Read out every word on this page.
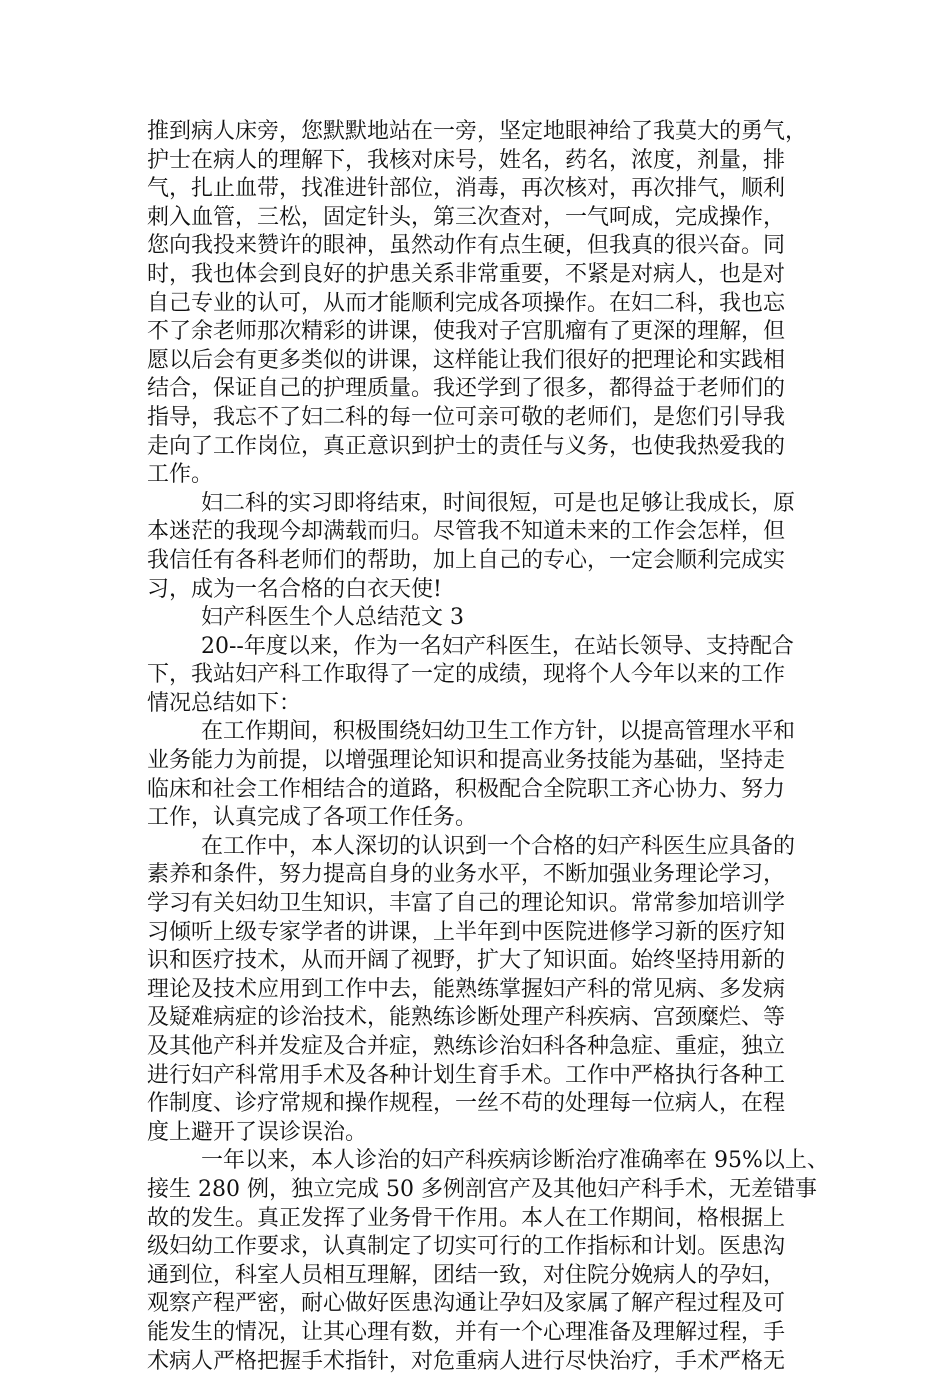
推到病人床旁，您默默地站在一旁，坚定地眼神给了我莫大的勇气，
护士在病人的理解下，我核对床号，姓名，药名，浓度，剂量，排
气，扎止血带，找准进针部位，消毒，再次核对，再次排气，顺利
刺入血管，三松，固定针头，第三次查对，一气呵成，完成操作，
您向我投来赞许的眼神，虽然动作有点生硬，但我真的很兴奋。同
时，我也体会到良好的护患关系非常重要，不紧是对病人，也是对
自己专业的认可，从而才能顺利完成各项操作。在妇二科，我也忘
不了余老师那次精彩的讲课，使我对子宫肌瘤有了更深的理解，但
愿以后会有更多类似的讲课，这样能让我们很好的把理论和实践相
结合，保证自己的护理质量。我还学到了很多，都得益于老师们的
指导，我忘不了妇二科的每一位可亲可敬的老师们，是您们引导我
走向了工作岗位，真正意识到护士的责任与义务，也使我热爱我的
工作。
妇二科的实习即将结束，时间很短，可是也足够让我成长，原
本迷茫的我现今却满载而归。尽管我不知道未来的工作会怎样，但
我信任有各科老师们的帮助，加上自己的专心，一定会顺利完成实
习，成为一名合格的白衣天使!
妇产科医生个人总结范文 3
20--年度以来，作为一名妇产科医生，在站长领导、支持配合
下，我站妇产科工作取得了一定的成绩，现将个人今年以来的工作
情况总结如下：
在工作期间，积极围绕妇幼卫生工作方针，以提高管理水平和
业务能力为前提，以增强理论知识和提高业务技能为基础，坚持走
临床和社会工作相结合的道路，积极配合全院职工齐心协力、努力
工作，认真完成了各项工作任务。
在工作中，本人深切的认识到一个合格的妇产科医生应具备的
素养和条件，努力提高自身的业务水平，不断加强业务理论学习，
学习有关妇幼卫生知识，丰富了自己的理论知识。常常参加培训学
习倾听上级专家学者的讲课，上半年到中医院进修学习新的医疗知
识和医疗技术，从而开阔了视野，扩大了知识面。始终坚持用新的
理论及技术应用到工作中去，能熟练掌握妇产科的常见病、多发病
及疑难病症的诊治技术，能熟练诊断处理产科疾病、宫颈糜烂、等
及其他产科并发症及合并症，熟练诊治妇科各种急症、重症，独立
进行妇产科常用手术及各种计划生育手术。工作中严格执行各种工
作制度、诊疗常规和操作规程，一丝不苟的处理每一位病人，在程
度上避开了误诊误治。
一年以来，本人诊治的妇产科疾病诊断治疗准确率在 95%以上、
接生 280 例，独立完成 50 多例剖宫产及其他妇产科手术，无差错事
故的发生。真正发挥了业务骨干作用。本人在工作期间，格根据上
级妇幼工作要求，认真制定了切实可行的工作指标和计划。医患沟
通到位，科室人员相互理解，团结一致，对住院分娩病人的孕妇，
观察产程严密，耐心做好医患沟通让孕妇及家属了解产程过程及可
能发生的情况，让其心理有数，并有一个心理准备及理解过程，手
术病人严格把握手术指针，对危重病人进行尽快治疗，手术严格无
